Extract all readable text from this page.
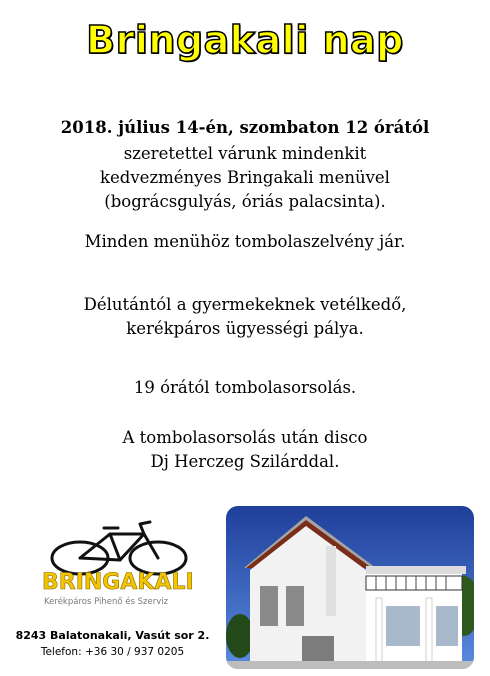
Bringakali nap
2018. július 14-én, szombaton 12 órától
szeretettel várunk mindenkit
kedvezményes Bringakali menüvel
(bográcsgulyás, óriás palacsinta).
Minden menühöz tombolaszelvény jár.
Délutántól a gyermekeknek vetélkedő,
kerékpáros ügyességi pálya.
19 órától tombolasorsolás.
A tombolasorsolás után disco
Dj Herczeg Szilárddal.
BRINGAKALI
Kerékpáros Pihenő és Szerviz
8243 Balatonakali, Vasút sor 2.
Telefon: +36 30 / 937 0205
